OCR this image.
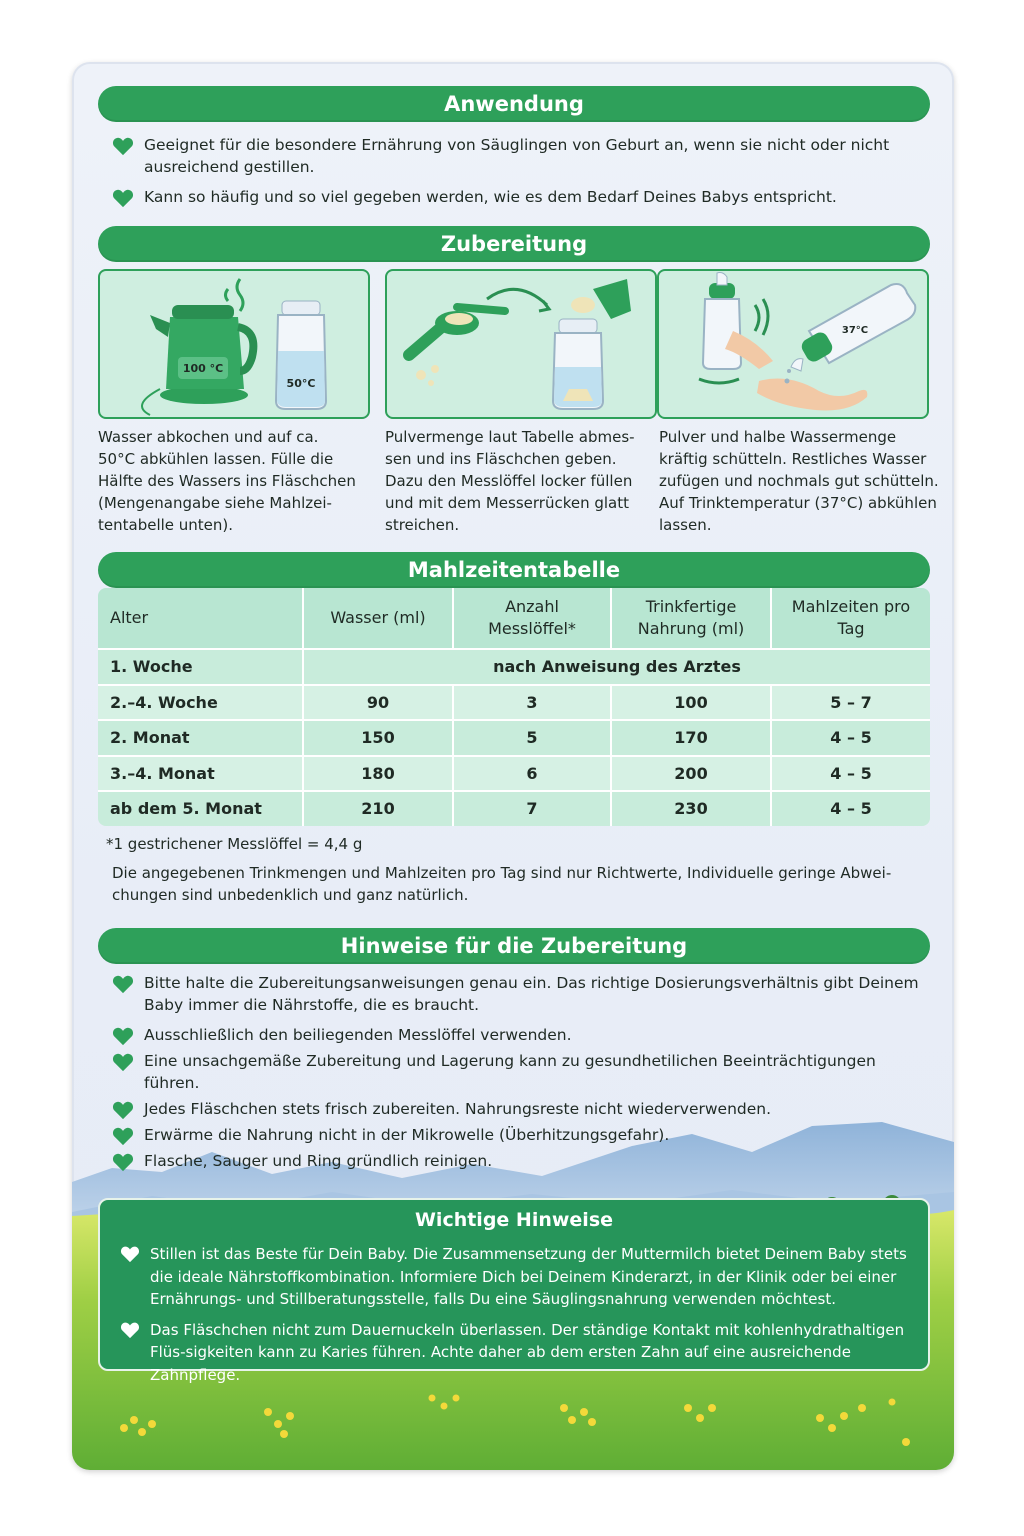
Anwendung
Geeignet für die besondere Ernährung von Säuglingen von Geburt an, wenn sie nicht oder nicht ausreichend gestillen.
Kann so häufig und so viel gegeben werden, wie es dem Bedarf Deines Babys entspricht.
Zubereitung
100 °C
50°C
Wasser abkochen und auf ca. 50°C abkühlen lassen. Fülle die Hälfte des Wassers ins Fläschchen (Mengenangabe siehe Mahlzei-tentabelle unten).
Pulvermenge laut Tabelle abmes-sen und ins Fläschchen geben. Dazu den Messlöffel locker füllen und mit dem Messerrücken glatt streichen.
37°C
Pulver und halbe Wassermenge kräftig schütteln. Restliches Wasser zufügen und nochmals gut schütteln. Auf Trinktemperatur (37°C) abkühlen lassen.
Mahlzeitentabelle
Alter	Wasser (ml)	Anzahl Messlöffel*	Trinkfertige Nahrung (ml)	Mahlzeiten pro Tag
1. Woche	nach Anweisung des Arztes			
2.–4. Woche	90	3	100	5 – 7
2. Monat	150	5	170	4 – 5
3.–4. Monat	180	6	200	4 – 5
ab dem 5. Monat	210	7	230	4 – 5
*1 gestrichener Messlöffel = 4,4 g
Die angegebenen Trinkmengen und Mahlzeiten pro Tag sind nur Richtwerte, Individuelle geringe Abwei-chungen sind unbedenklich und ganz natürlich.
Hinweise für die Zubereitung
Bitte halte die Zubereitungsanweisungen genau ein. Das richtige Dosierungsverhältnis gibt Deinem Baby immer die Nährstoffe, die es braucht.
Ausschließlich den beiliegenden Messlöffel verwenden.
Eine unsachgemäße Zubereitung und Lagerung kann zu gesundhetilichen Beeinträchtigungen führen.
Jedes Fläschchen stets frisch zubereiten. Nahrungsreste nicht wiederverwenden.
Erwärme die Nahrung nicht in der Mikrowelle (Überhitzungsgefahr).
Flasche, Sauger und Ring gründlich reinigen.
Wichtige Hinweise
Stillen ist das Beste für Dein Baby. Die Zusammensetzung der Muttermilch bietet Deinem Baby stets die ideale Nährstoffkombination. Informiere Dich bei Deinem Kinderarzt, in der Klinik oder bei einer Ernährungs- und Stillberatungsstelle, falls Du eine Säuglingsnahrung verwenden möchtest.
Das Fläschchen nicht zum Dauernuckeln überlassen. Der ständige Kontakt mit kohlenhydrathaltigen Flüs-sigkeiten kann zu Karies führen. Achte daher ab dem ersten Zahn auf eine ausreichende Zahnpflege.
